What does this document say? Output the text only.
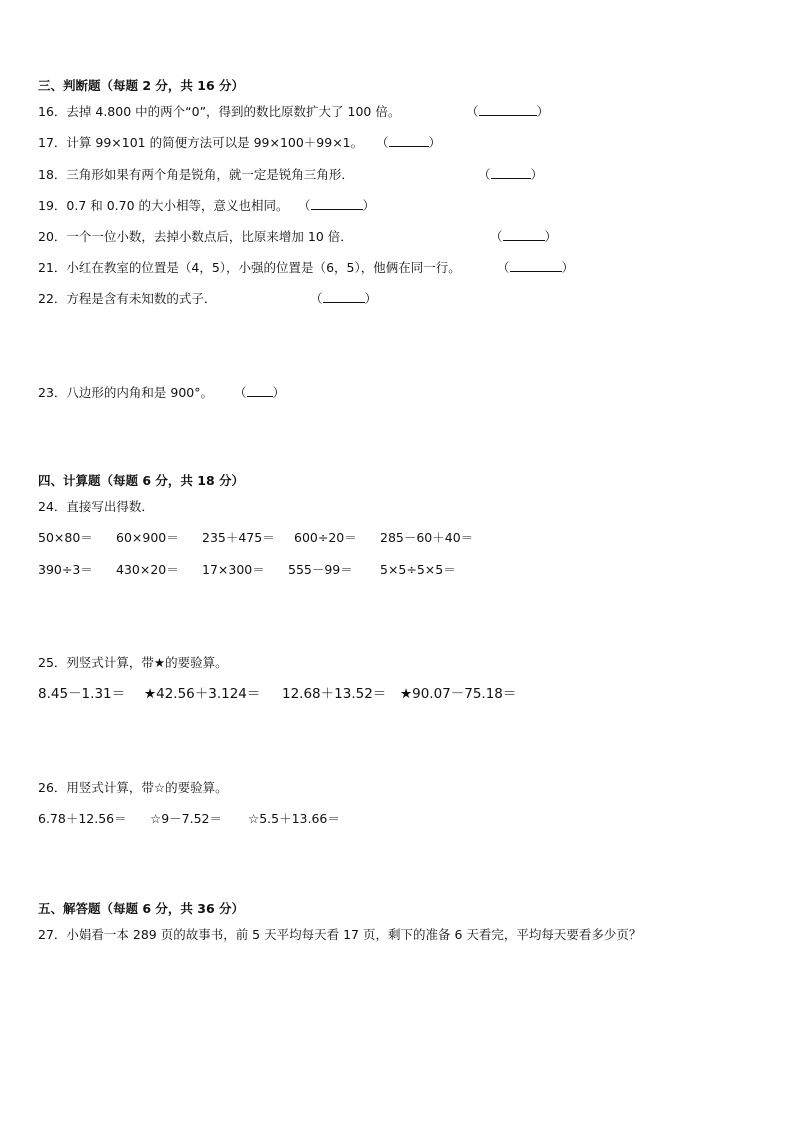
三、判断题（每题 2 分，共 16 分）
16．去掉 4.800 中的两个“0”，得到的数比原数扩大了 100 倍。	（	）
17．计算 99×101 的简便方法可以是 99×100＋99×1。 （	）
18．三角形如果有两个角是锐角，就一定是锐角三角形．	（	）
19．0.7 和 0.70 的大小相等，意义也相同。 （	）
20．一个一位小数，去掉小数点后，比原来增加 10 倍．	（	）
21．小红在教室的位置是（4，5），小强的位置是（6，5），他俩在同一行。	（	）
22．方程是含有未知数的式子．	（	）
23．八边形的内角和是 900°。 （ ）
四、计算题（每题 6 分，共 18 分）
24．直接写出得数．
50×80＝ 60×900＝ 235＋475＝ 600÷20＝ 285－60＋40＝
390÷3＝ 430×20＝ 17×300＝ 555－99＝ 5×5÷5×5＝
25．列竖式计算，带★的要验算。
8.45－1.31＝ ★42.56＋3.124＝ 12.68＋13.52＝ ★90.07－75.18＝
26．用竖式计算，带☆的要验算。
6.78＋12.56＝ ☆9－7.52＝ ☆5.5＋13.66＝
五、解答题（每题 6 分，共 36 分）
27．小娟看一本 289 页的故事书，前 5 天平均每天看 17 页，剩下的准备 6 天看完，平均每天要看多少页？
